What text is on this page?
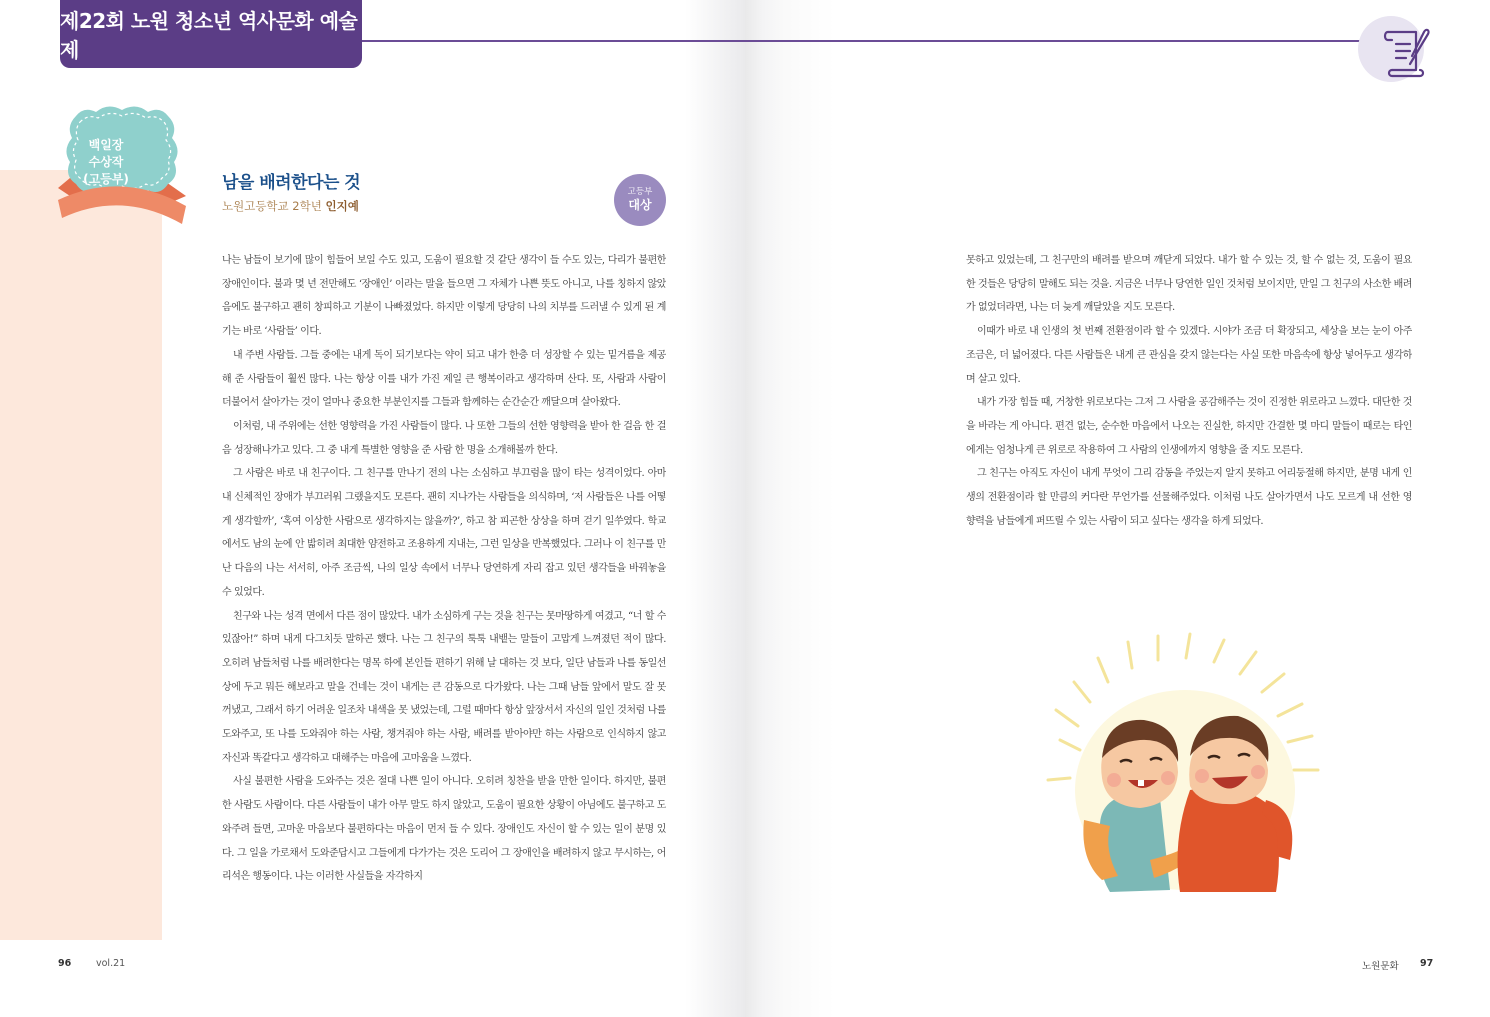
제22회 노원 청소년 역사문화 예술제
백일장
수상작
(고등부)	남을 배려한다는 것
노원고등학교 2학년 인지예
고등부
대상

나는 남들이 보기에 많이 힘들어 보일 수도 있고, 도움이 필요할 것 같단 생각이 들 수도 있는, 다리가 불편한 장애인이다. 불과 몇 년 전만해도 ‘장애인’ 이라는 말을 들으면 그 자체가 나쁜 뜻도 아니고, 나를 칭하지 않았음에도 불구하고 괜히 창피하고 기분이 나빠졌었다. 하지만 이렇게 당당히 나의 치부를 드러낼 수 있게 된 계기는 바로 ‘사람들’ 이다.

내 주변 사람들. 그들 중에는 내게 독이 되기보다는 약이 되고 내가 한층 더 성장할 수 있는 밑거름을 제공해 준 사람들이 훨씬 많다. 나는 항상 이를 내가 가진 제일 큰 행복이라고 생각하며 산다. 또, 사람과 사람이 더불어서 살아가는 것이 얼마나 중요한 부분인지를 그들과 함께하는 순간순간 깨달으며 살아왔다.

이처럼, 내 주위에는 선한 영향력을 가진 사람들이 많다. 나 또한 그들의 선한 영향력을 받아 한 걸음 한 걸음 성장해나가고 있다. 그 중 내게 특별한 영향을 준 사람 한 명을 소개해볼까 한다.

그 사람은 바로 내 친구이다. 그 친구를 만나기 전의 나는 소심하고 부끄럼을 많이 타는 성격이었다. 아마 내 신체적인 장애가 부끄러워 그랬을지도 모른다. 괜히 지나가는 사람들을 의식하며, ‘저 사람들은 나를 어떻게 생각할까’, ‘혹여 이상한 사람으로 생각하지는 않을까?’, 하고 참 피곤한 상상을 하며 걷기 일쑤였다. 학교에서도 남의 눈에 안 밟히려 최대한 얌전하고 조용하게 지내는, 그런 일상을 반복했었다. 그러나 이 친구를 만난 다음의 나는 서서히, 아주 조금씩, 나의 일상 속에서 너무나 당연하게 자리 잡고 있던 생각들을 바꿔놓을 수 있었다.

친구와 나는 성격 면에서 다른 점이 많았다. 내가 소심하게 구는 것을 친구는 못마땅하게 여겼고, “너 할 수 있잖아!” 하며 내게 다그치듯 말하곤 했다. 나는 그 친구의 툭툭 내뱉는 말들이 고맙게 느껴졌던 적이 많다. 오히려 남들처럼 나를 배려한다는 명목 하에 본인들 편하기 위해 날 대하는 것 보다, 일단 남들과 나를 동일선상에 두고 뭐든 해보라고 말을 건네는 것이 내게는 큰 감동으로 다가왔다. 나는 그때 남들 앞에서 말도 잘 못 꺼냈고, 그래서 하기 어려운 일조차 내색을 못 냈었는데, 그럴 때마다 항상 앞장서서 자신의 일인 것처럼 나를 도와주고, 또 나를 도와줘야 하는 사람, 챙겨줘야 하는 사람, 배려를 받아야만 하는 사람으로 인식하지 않고 자신과 똑같다고 생각하고 대해주는 마음에 고마움을 느꼈다.

사실 불편한 사람을 도와주는 것은 절대 나쁜 일이 아니다. 오히려 칭찬을 받을 만한 일이다. 하지만, 불편한 사람도 사람이다. 다른 사람들이 내가 아무 말도 하지 않았고, 도움이 필요한 상황이 아님에도 불구하고 도와주려 들면, 고마운 마음보다 불편하다는 마음이 먼저 들 수 있다. 장애인도 자신이 할 수 있는 일이 분명 있다. 그 일을 가로채서 도와준답시고 그들에게 다가가는 것은 도리어 그 장애인을 배려하지 않고 무시하는, 어리석은 행동이다. 나는 이러한 사실들을 자각하지

못하고 있었는데, 그 친구만의 배려를 받으며 깨닫게 되었다. 내가 할 수 있는 것, 할 수 없는 것, 도움이 필요한 것들은 당당히 말해도 되는 것을. 지금은 너무나 당연한 일인 것처럼 보이지만, 만일 그 친구의 사소한 배려가 없었더라면, 나는 더 늦게 깨달았을 지도 모른다.

이때가 바로 내 인생의 첫 번째 전환점이라 할 수 있겠다. 시야가 조금 더 확장되고, 세상을 보는 눈이 아주 조금은, 더 넓어졌다. 다른 사람들은 내게 큰 관심을 갖지 않는다는 사실 또한 마음속에 항상 넣어두고 생각하며 살고 있다.

내가 가장 힘들 때, 거창한 위로보다는 그저 그 사람을 공감해주는 것이 진정한 위로라고 느꼈다. 대단한 것을 바라는 게 아니다. 편견 없는, 순수한 마음에서 나오는 진실한, 하지만 간결한 몇 마디 말들이 때로는 타인에게는 엄청나게 큰 위로로 작용하여 그 사람의 인생에까지 영향을 줄 지도 모른다.

그 친구는 아직도 자신이 내게 무엇이 그리 감동을 주었는지 알지 못하고 어리둥절해 하지만, 분명 내게 인생의 전환점이라 할 만큼의 커다란 무언가를 선물해주었다. 이처럼 나도 살아가면서 나도 모르게 내 선한 영향력을 남들에게 퍼뜨릴 수 있는 사람이 되고 싶다는 생각을 하게 되었다.

96	vol.21	노원문화 97
